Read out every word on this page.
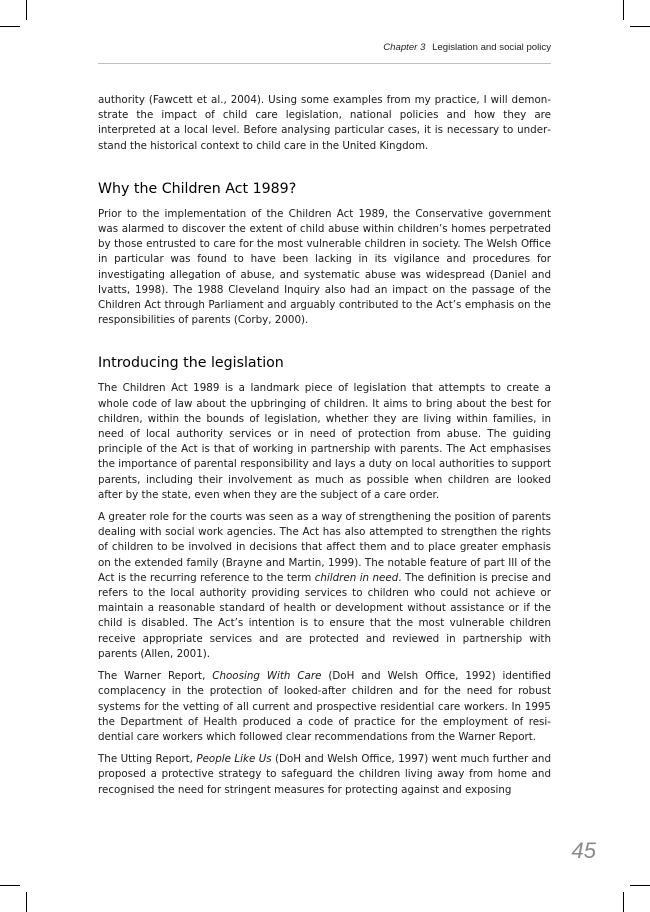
Chapter 3 Legislation and social policy

authority (Fawcett et al., 2004). Using some examples from my practice, I will demonstrate the impact of child care legislation, national policies and how they are interpreted at a local level. Before analysing particular cases, it is necessary to understand the historical context to child care in the United Kingdom.

Why the Children Act 1989?

Prior to the implementation of the Children Act 1989, the Conservative government was alarmed to discover the extent of child abuse within children’s homes perpetrated by those entrusted to care for the most vulnerable children in society. The Welsh Office in particular was found to have been lacking in its vigilance and procedures for investigating allegation of abuse, and systematic abuse was widespread (Daniel and Ivatts, 1998). The 1988 Cleveland Inquiry also had an impact on the passage of the Children Act through Parliament and arguably contributed to the Act’s emphasis on the responsibilities of parents (Corby, 2000).

Introducing the legislation

The Children Act 1989 is a landmark piece of legislation that attempts to create a whole code of law about the upbringing of children. It aims to bring about the best for children, within the bounds of legislation, whether they are living within families, in need of local authority services or in need of protection from abuse. The guiding principle of the Act is that of working in partnership with parents. The Act emphasises the importance of parental responsibility and lays a duty on local authorities to support parents, including their involvement as much as possible when children are looked after by the state, even when they are the subject of a care order.

A greater role for the courts was seen as a way of strengthening the position of parents dealing with social work agencies. The Act has also attempted to strengthen the rights of children to be involved in decisions that affect them and to place greater emphasis on the extended family (Brayne and Martin, 1999). The notable feature of part III of the Act is the recurring reference to the term children in need. The definition is precise and refers to the local authority providing services to children who could not achieve or maintain a reasonable standard of health or development without assistance or if the child is disabled. The Act’s intention is to ensure that the most vulnerable children receive appropriate services and are protected and reviewed in partnership with parents (Allen, 2001).

The Warner Report, Choosing With Care (DoH and Welsh Office, 1992) identified complacency in the protection of looked-after children and for the need for robust systems for the vetting of all current and prospective residential care workers. In 1995 the Department of Health produced a code of practice for the employment of residential care workers which followed clear recommendations from the Warner Report.

The Utting Report, People Like Us (DoH and Welsh Office, 1997) went much further and proposed a protective strategy to safeguard the children living away from home and recognised the need for stringent measures for protecting against and exposing

45
